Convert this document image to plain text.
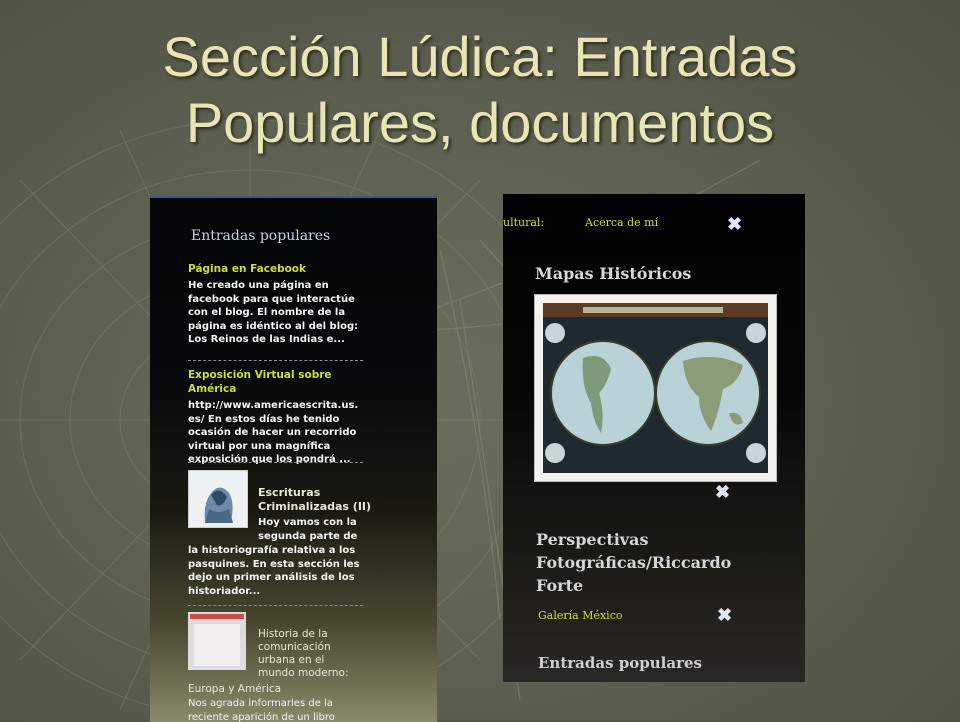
Sección Lúdica: Entradas
Populares, documentos
Entradas populares
Página en Facebook
He creado una página en
facebook para que interactúe
con el blog. El nombre de la
página es idéntico al del blog:
Los Reinos de las Indias e...
Exposición Virtual sobre América
http://www.americaescrita.us.
es/ En estos días he tenido
ocasión de hacer un recorrido
virtual por una magnífica
exposición que los pondrá ...
Escrituras
Criminalizadas (II)
Hoy vamos con la
segunda parte de
la historiografía relativa a los
pasquines. En esta sección les
dejo un primer análisis de los
historiador...
Historia de la
comunicación
urbana en el
mundo moderno:
Europa y América
Nos agrada informarles de la
reciente aparición de un libro
ultural:	Acerca de mí	✖
Mapas Históricos
✖
Perspectivas
Fotográficas/Riccardo
Forte
Galería México	✖
Entradas populares
